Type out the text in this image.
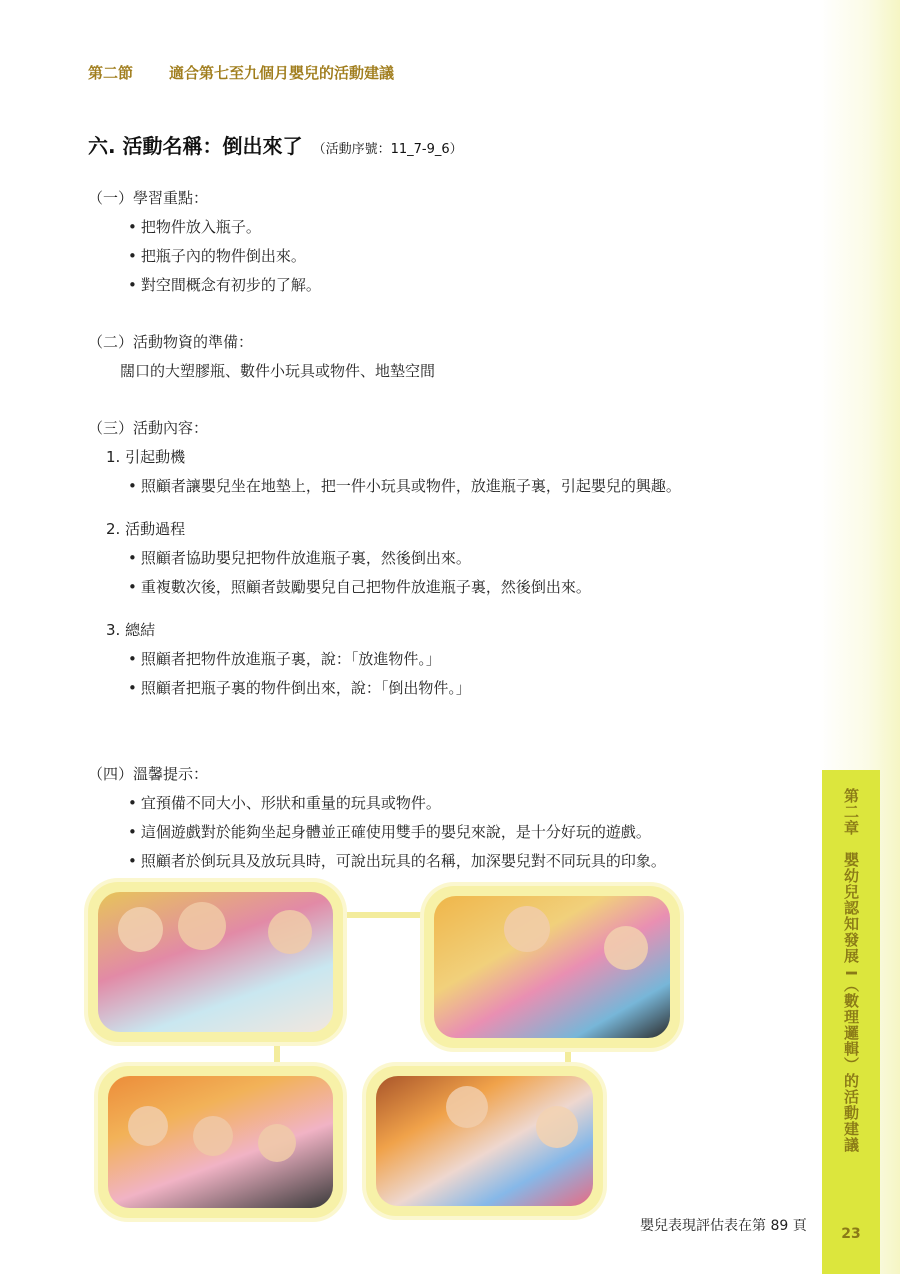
第二節 適合第七至九個月嬰兒的活動建議
六. 活動名稱：倒出來了 （活動序號：11_7-9_6）

（一）學習重點：

• 把物件放入瓶子。
• 把瓶子內的物件倒出來。
• 對空間概念有初步的了解。

（二）活動物資的準備：

闊口的大塑膠瓶、數件小玩具或物件、地墊空間

（三）活動內容：

1. 引起動機
• 照顧者讓嬰兒坐在地墊上，把一件小玩具或物件，放進瓶子裏，引起嬰兒的興趣。
2. 活動過程
• 照顧者協助嬰兒把物件放進瓶子裏，然後倒出來。
• 重複數次後，照顧者鼓勵嬰兒自己把物件放進瓶子裏，然後倒出來。
3. 總結
• 照顧者把物件放進瓶子裏，說：「放進物件。」
• 照顧者把瓶子裏的物件倒出來，說：「倒出物件。」

（四）溫馨提示：

• 宜預備不同大小、形狀和重量的玩具或物件。
• 這個遊戲對於能夠坐起身體並正確使用雙手的嬰兒來說，是十分好玩的遊戲。
• 照顧者於倒玩具及放玩具時，可說出玩具的名稱，加深嬰兒對不同玩具的印象。
嬰兒表現評估表在第 89 頁
第二章　嬰幼兒認知發展 I（數理邏輯）的活動建議
23
